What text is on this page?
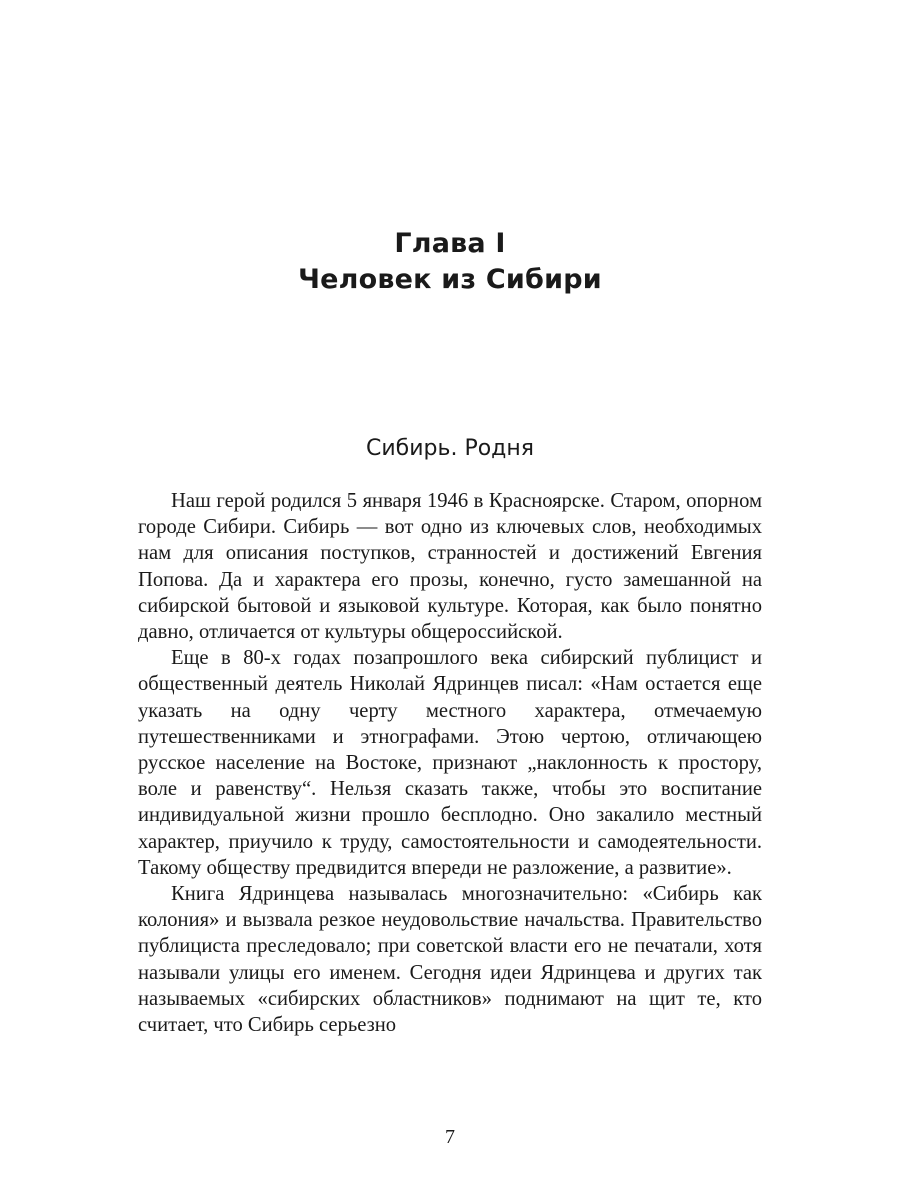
Глава I
Человек из Сибири
Сибирь. Родня

Наш герой родился 5 января 1946 в Красноярске. Старом, опорном городе Сибири. Сибирь — вот одно из ключевых слов, необходимых нам для описания поступков, странностей и достижений Евгения Попова. Да и характера его прозы, конечно, густо замешанной на сибирской бытовой и языковой культуре. Которая, как было понятно давно, отличается от культуры общероссийской.

Еще в 80-х годах позапрошлого века сибирский публицист и общественный деятель Николай Ядринцев писал: «Нам остается еще указать на одну черту местного характера, отмечаемую путешественниками и этнографами. Этою чертою, отличающею русское население на Востоке, признают „наклонность к простору, воле и равенству“. Нельзя сказать также, чтобы это воспитание индивидуальной жизни прошло бесплодно. Оно закалило местный характер, приучило к труду, самостоятельности и самодеятельности. Такому обществу предвидится впереди не разложение, а развитие».

Книга Ядринцева называлась многозначительно: «Сибирь как колония» и вызвала резкое неудовольствие начальства. Правительство публициста преследовало; при советской власти его не печатали, хотя называли улицы его именем. Сегодня идеи Ядринцева и других так называемых «сибирских областников» поднимают на щит те, кто считает, что Сибирь серьезно

7
